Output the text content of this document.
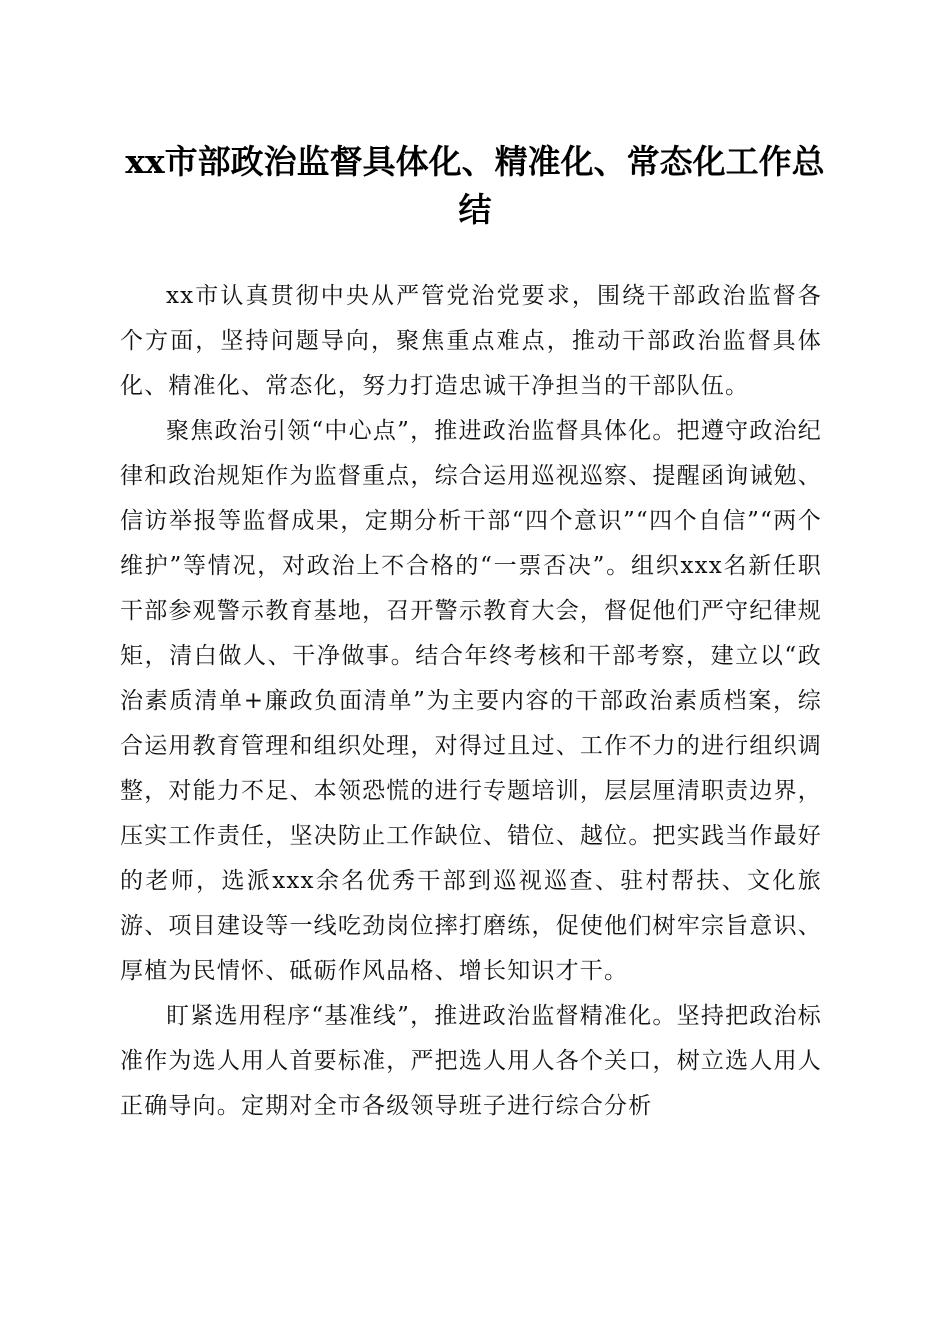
xx市部政治监督具体化、精准化、常态化工作总结

xx市认真贯彻中央从严管党治党要求，围绕干部政治监督各个方面，坚持问题导向，聚焦重点难点，推动干部政治监督具体化、精准化、常态化，努力打造忠诚干净担当的干部队伍。

聚焦政治引领“中心点”，推进政治监督具体化。把遵守政治纪律和政治规矩作为监督重点，综合运用巡视巡察、提醒函询诫勉、信访举报等监督成果，定期分析干部“四个意识”“四个自信”“两个维护”等情况，对政治上不合格的“一票否决”。组织xxx名新任职干部参观警示教育基地，召开警示教育大会，督促他们严守纪律规矩，清白做人、干净做事。结合年终考核和干部考察，建立以“政治素质清单+廉政负面清单”为主要内容的干部政治素质档案，综合运用教育管理和组织处理，对得过且过、工作不力的进行组织调整，对能力不足、本领恐慌的进行专题培训，层层厘清职责边界，压实工作责任，坚决防止工作缺位、错位、越位。把实践当作最好的老师，选派xxx余名优秀干部到巡视巡查、驻村帮扶、文化旅游、项目建设等一线吃劲岗位摔打磨练，促使他们树牢宗旨意识、厚植为民情怀、砥砺作风品格、增长知识才干。

盯紧选用程序“基准线”，推进政治监督精准化。坚持把政治标准作为选人用人首要标准，严把选人用人各个关口，树立选人用人正确导向。定期对全市各级领导班子进行综合分析
